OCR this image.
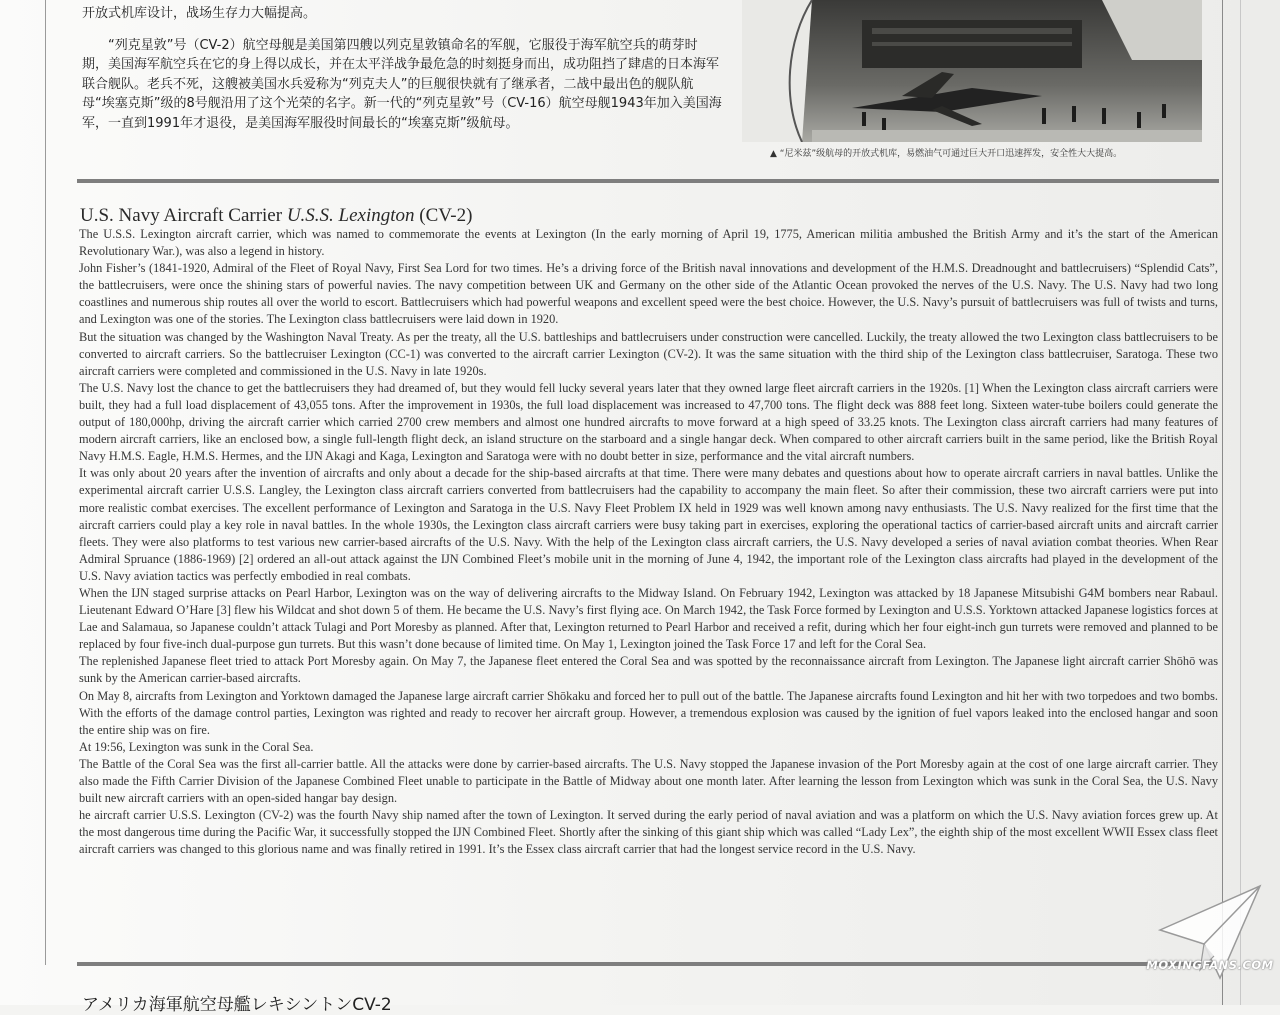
开放式机库设计，战场生存力大幅提高。

“列克星敦”号（CV-2）航空母舰是美国第四艘以列克星敦镇命名的军舰，它服役于海军航空兵的萌芽时期，美国海军航空兵在它的身上得以成长，并在太平洋战争最危急的时刻挺身而出，成功阻挡了肆虐的日本海军联合舰队。老兵不死，这艘被美国水兵爱称为“列克夫人”的巨舰很快就有了继承者，二战中最出色的舰队航母“埃塞克斯”级的8号舰沿用了这个光荣的名字。新一代的“列克星敦”号（CV-16）航空母舰1943年加入美国海军，一直到1991年才退役，是美国海军服役时间最长的“埃塞克斯”级航母。

▲ “尼米兹”级航母的开放式机库，易燃油气可通过巨大开口迅速挥发，安全性大大提高。
U.S. Navy Aircraft Carrier U.S.S. Lexington (CV-2)

The U.S.S. Lexington aircraft carrier, which was named to commemorate the events at Lexington (In the early morning of April 19, 1775, American militia ambushed the British Army and it’s the start of the American Revolutionary War.), was also a legend in history.

John Fisher’s (1841-1920, Admiral of the Fleet of Royal Navy, First Sea Lord for two times. He’s a driving force of the British naval innovations and development of the H.M.S. Dreadnought and battlecruisers) “Splendid Cats”, the battlecruisers, were once the shining stars of powerful navies. The navy competition between UK and Germany on the other side of the Atlantic Ocean provoked the nerves of the U.S. Navy. The U.S. Navy had two long coastlines and numerous ship routes all over the world to escort. Battlecruisers which had powerful weapons and excellent speed were the best choice. However, the U.S. Navy’s pursuit of battlecruisers was full of twists and turns, and Lexington was one of the stories. The Lexington class battlecruisers were laid down in 1920.

But the situation was changed by the Washington Naval Treaty. As per the treaty, all the U.S. battleships and battlecruisers under construction were cancelled. Luckily, the treaty allowed the two Lexington class battlecruisers to be converted to aircraft carriers. So the battlecruiser Lexington (CC-1) was converted to the aircraft carrier Lexington (CV-2). It was the same situation with the third ship of the Lexington class battlecruiser, Saratoga. These two aircraft carriers were completed and commissioned in the U.S. Navy in late 1920s.

The U.S. Navy lost the chance to get the battlecruisers they had dreamed of, but they would fell lucky several years later that they owned large fleet aircraft carriers in the 1920s. [1] When the Lexington class aircraft carriers were built, they had a full load displacement of 43,055 tons. After the improvement in 1930s, the full load displacement was increased to 47,700 tons. The flight deck was 888 feet long. Sixteen water-tube boilers could generate the output of 180,000hp, driving the aircraft carrier which carried 2700 crew members and almost one hundred aircrafts to move forward at a high speed of 33.25 knots. The Lexington class aircraft carriers had many features of modern aircraft carriers, like an enclosed bow, a single full-length flight deck, an island structure on the starboard and a single hangar deck. When compared to other aircraft carriers built in the same period, like the British Royal Navy H.M.S. Eagle, H.M.S. Hermes, and the IJN Akagi and Kaga, Lexington and Saratoga were with no doubt better in size, performance and the vital aircraft numbers.

It was only about 20 years after the invention of aircrafts and only about a decade for the ship-based aircrafts at that time. There were many debates and questions about how to operate aircraft carriers in naval battles. Unlike the experimental aircraft carrier U.S.S. Langley, the Lexington class aircraft carriers converted from battlecruisers had the capability to accompany the main fleet. So after their commission, these two aircraft carriers were put into more realistic combat exercises. The excellent performance of Lexington and Saratoga in the U.S. Navy Fleet Problem IX held in 1929 was well known among navy enthusiasts. The U.S. Navy realized for the first time that the aircraft carriers could play a key role in naval battles. In the whole 1930s, the Lexington class aircraft carriers were busy taking part in exercises, exploring the operational tactics of carrier-based aircraft units and aircraft carrier fleets. They were also platforms to test various new carrier-based aircrafts of the U.S. Navy. With the help of the Lexington class aircraft carriers, the U.S. Navy developed a series of naval aviation combat theories. When Rear Admiral Spruance (1886-1969) [2] ordered an all-out attack against the IJN Combined Fleet’s mobile unit in the morning of June 4, 1942, the important role of the Lexington class aircrafts had played in the development of the U.S. Navy aviation tactics was perfectly embodied in real combats.

When the IJN staged surprise attacks on Pearl Harbor, Lexington was on the way of delivering aircrafts to the Midway Island. On February 1942, Lexington was attacked by 18 Japanese Mitsubishi G4M bombers near Rabaul. Lieutenant Edward O’Hare [3] flew his Wildcat and shot down 5 of them. He became the U.S. Navy’s first flying ace. On March 1942, the Task Force formed by Lexington and U.S.S. Yorktown attacked Japanese logistics forces at Lae and Salamaua, so Japanese couldn’t attack Tulagi and Port Moresby as planned. After that, Lexington returned to Pearl Harbor and received a refit, during which her four eight-inch gun turrets were removed and planned to be replaced by four five-inch dual-purpose gun turrets. But this wasn’t done because of limited time. On May 1, Lexington joined the Task Force 17 and left for the Coral Sea.

The replenished Japanese fleet tried to attack Port Moresby again. On May 7, the Japanese fleet entered the Coral Sea and was spotted by the reconnaissance aircraft from Lexington. The Japanese light aircraft carrier Shōhō was sunk by the American carrier-based aircrafts.

On May 8, aircrafts from Lexington and Yorktown damaged the Japanese large aircraft carrier Shōkaku and forced her to pull out of the battle. The Japanese aircrafts found Lexington and hit her with two torpedoes and two bombs. With the efforts of the damage control parties, Lexington was righted and ready to recover her aircraft group. However, a tremendous explosion was caused by the ignition of fuel vapors leaked into the enclosed hangar and soon the entire ship was on fire.

At 19:56, Lexington was sunk in the Coral Sea.

The Battle of the Coral Sea was the first all-carrier battle. All the attacks were done by carrier-based aircrafts. The U.S. Navy stopped the Japanese invasion of the Port Moresby again at the cost of one large aircraft carrier. They also made the Fifth Carrier Division of the Japanese Combined Fleet unable to participate in the Battle of Midway about one month later. After learning the lesson from Lexington which was sunk in the Coral Sea, the U.S. Navy built new aircraft carriers with an open-sided hangar bay design.

he aircraft carrier U.S.S. Lexington (CV-2) was the fourth Navy ship named after the town of Lexington. It served during the early period of naval aviation and was a platform on which the U.S. Navy aviation forces grew up. At the most dangerous time during the Pacific War, it successfully stopped the IJN Combined Fleet. Shortly after the sinking of this giant ship which was called “Lady Lex”, the eighth ship of the most excellent WWII Essex class fleet aircraft carriers was changed to this glorious name and was finally retired in 1991. It’s the Essex class aircraft carrier that had the longest service record in the U.S. Navy.

アメリカ海軍航空母艦レキシントンCV-2
MOXINGFANS.COM
